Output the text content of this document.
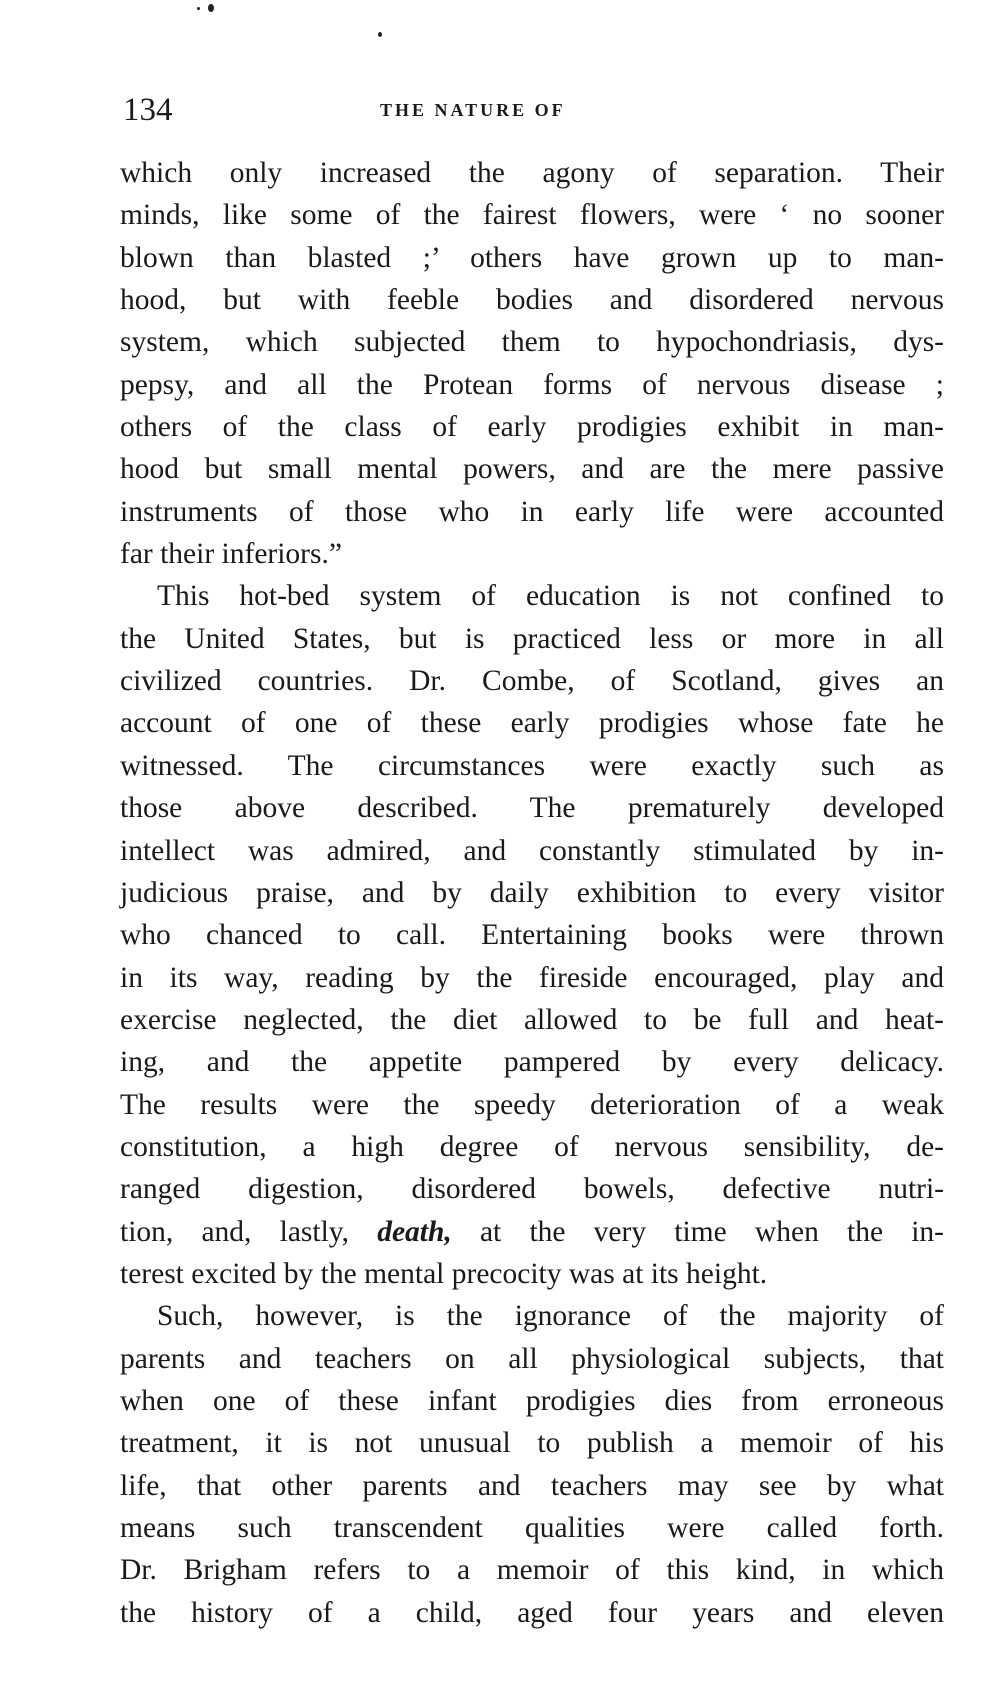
134	THE NATURE OF
which only increased the agony of separation. Their
minds, like some of the fairest flowers, were ‘ no sooner
blown than blasted ;’ others have grown up to man-
hood, but with feeble bodies and disordered nervous
system, which subjected them to hypochondriasis, dys-
pepsy, and all the Protean forms of nervous disease ;
others of the class of early prodigies exhibit in man-
hood but small mental powers, and are the mere passive
instruments of those who in early life were accounted
far their inferiors.”
This hot-bed system of education is not confined to
the United States, but is practiced less or more in all
civilized countries. Dr. Combe, of Scotland, gives an
account of one of these early prodigies whose fate he
witnessed. The circumstances were exactly such as
those above described. The prematurely developed
intellect was admired, and constantly stimulated by in-
judicious praise, and by daily exhibition to every visitor
who chanced to call. Entertaining books were thrown
in its way, reading by the fireside encouraged, play and
exercise neglected, the diet allowed to be full and heat-
ing, and the appetite pampered by every delicacy.
The results were the speedy deterioration of a weak
constitution, a high degree of nervous sensibility, de-
ranged digestion, disordered bowels, defective nutri-
tion, and, lastly, death, at the very time when the in-
terest excited by the mental precocity was at its height.
Such, however, is the ignorance of the majority of
parents and teachers on all physiological subjects, that
when one of these infant prodigies dies from erroneous
treatment, it is not unusual to publish a memoir of his
life, that other parents and teachers may see by what
means such transcendent qualities were called forth.
Dr. Brigham refers to a memoir of this kind, in which
the history of a child, aged four years and eleven
